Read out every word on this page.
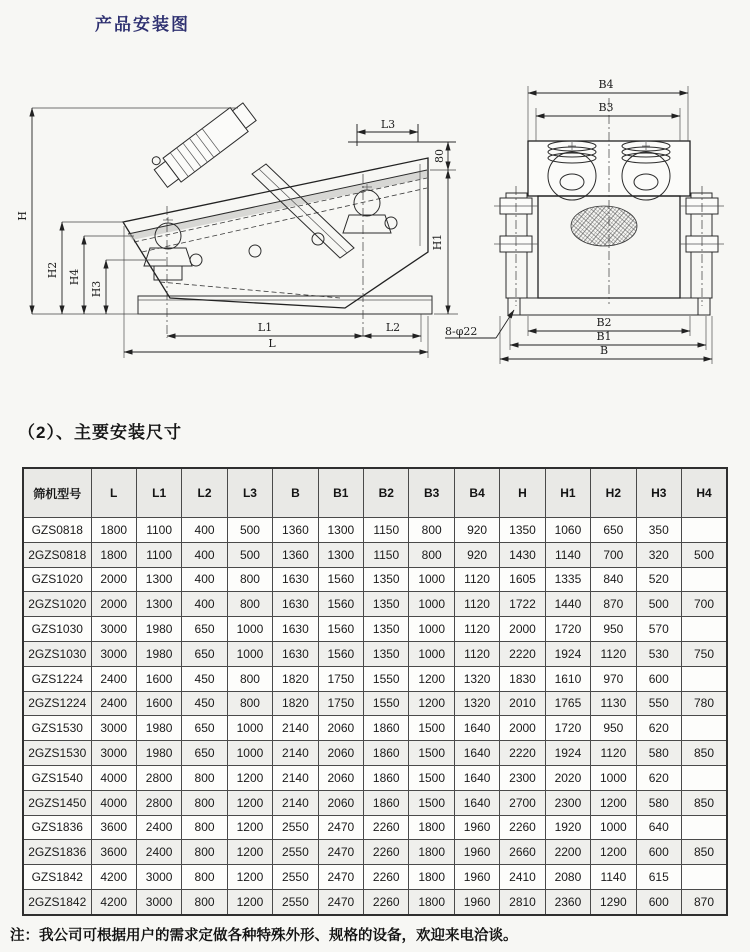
产品安装图
H
H2 H4
H3
L3
80
H1
L1	L2
L
B4
B3
B2
B1
B
8-φ22
（2）、主要安装尺寸
筛机型号	L	L1	L2	L3	B	B1	B2	B3	B4	H	H1	H2	H3	H4
GZS0818	1800	1100	400	500	1360	1300	1150	800	920	1350	1060	650	350	
2GZS0818	1800	1100	400	500	1360	1300	1150	800	920	1430	1140	700	320	500
GZS1020	2000	1300	400	800	1630	1560	1350	1000	1120	1605	1335	840	520	
2GZS1020	2000	1300	400	800	1630	1560	1350	1000	1120	1722	1440	870	500	700
GZS1030	3000	1980	650	1000	1630	1560	1350	1000	1120	2000	1720	950	570	
2GZS1030	3000	1980	650	1000	1630	1560	1350	1000	1120	2220	1924	1120	530	750
GZS1224	2400	1600	450	800	1820	1750	1550	1200	1320	1830	1610	970	600	
2GZS1224	2400	1600	450	800	1820	1750	1550	1200	1320	2010	1765	1130	550	780
GZS1530	3000	1980	650	1000	2140	2060	1860	1500	1640	2000	1720	950	620	
2GZS1530	3000	1980	650	1000	2140	2060	1860	1500	1640	2220	1924	1120	580	850
GZS1540	4000	2800	800	1200	2140	2060	1860	1500	1640	2300	2020	1000	620	
2GZS1450	4000	2800	800	1200	2140	2060	1860	1500	1640	2700	2300	1200	580	850
GZS1836	3600	2400	800	1200	2550	2470	2260	1800	1960	2260	1920	1000	640	
2GZS1836	3600	2400	800	1200	2550	2470	2260	1800	1960	2660	2200	1200	600	850
GZS1842	4200	3000	800	1200	2550	2470	2260	1800	1960	2410	2080	1140	615	
2GZS1842	4200	3000	800	1200	2550	2470	2260	1800	1960	2810	2360	1290	600	870

注：我公司可根据用户的需求定做各种特殊外形、规格的设备，欢迎来电洽谈。
